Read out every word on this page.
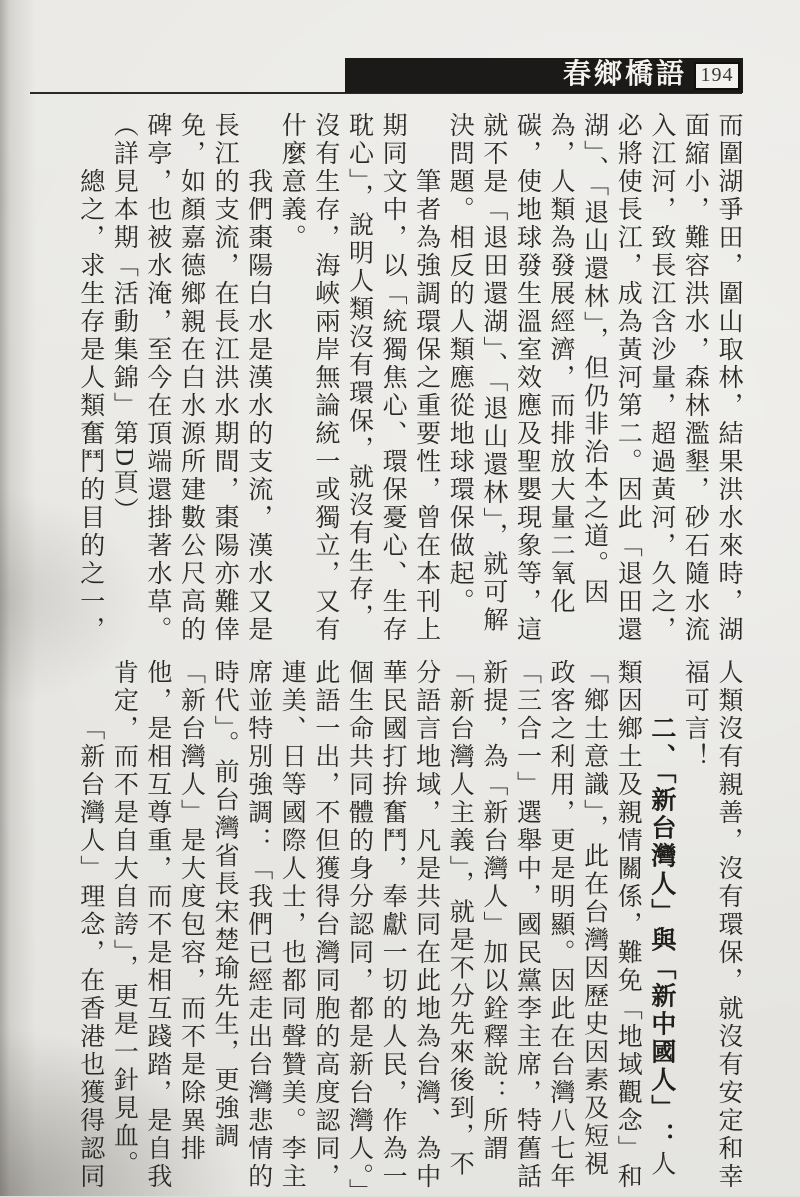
春鄉橋語 194

而圍湖爭田，圍山取林，結果洪水來時，湖面縮小，難容洪水，森林濫墾，砂石隨水流入江河，致長江含沙量，超過黃河，久之，必將使長江，成為黃河第二。因此「退田還湖」、「退山還林」，但仍非治本之道。因為，人類為發展經濟，而排放大量二氧化碳，使地球發生溫室效應及聖嬰現象等，這就不是「退田還湖」、「退山還林」，就可解決問題。相反的人類應從地球環保做起。

筆者為強調環保之重要性，曾在本刊上期同文中，以「統獨焦心、環保憂心、生存耽心」，說明人類沒有環保，就沒有生存，沒有生存，海峽兩岸無論統一或獨立，又有什麼意義。

我們棗陽白水是漢水的支流，漢水又是長江的支流，在長江洪水期間，棗陽亦難倖免，如顏嘉德鄉親在白水源所建數公尺高的碑亭，也被水淹，至今在頂端還掛著水草。（詳見本期「活動集錦」第D頁）

總之，求生存是人類奮鬥的目的之一，

人類沒有親善，沒有環保，就沒有安定和幸福可言！

二、「新台灣人」與「新中國人」：人類因鄉土及親情關係，難免「地域觀念」和「鄉土意識」，此在台灣因歷史因素及短視政客之利用，更是明顯。因此在台灣八七年「三合一」選舉中，國民黨李主席，特舊話新提，為「新台灣人」加以銓釋說：所謂「新台灣人主義」，就是不分先來後到，不分語言地域，凡是共同在此地為台灣、為中華民國打拚奮鬥，奉獻一切的人民，作為一個生命共同體的身分認同，都是新台灣人。」此語一出，不但獲得台灣同胞的高度認同，連美、日等國際人士，也都同聲贊美。李主席並特別強調：「我們已經走出台灣悲情的時代」。前台灣省長宋楚瑜先生，更強調「新台灣人」是大度包容，而不是除異排他，是相互尊重，而不是相互踐踏，是自我肯定，而不是自大自誇」，更是一針見血。

「新台灣人」理念，在香港也獲得認同
